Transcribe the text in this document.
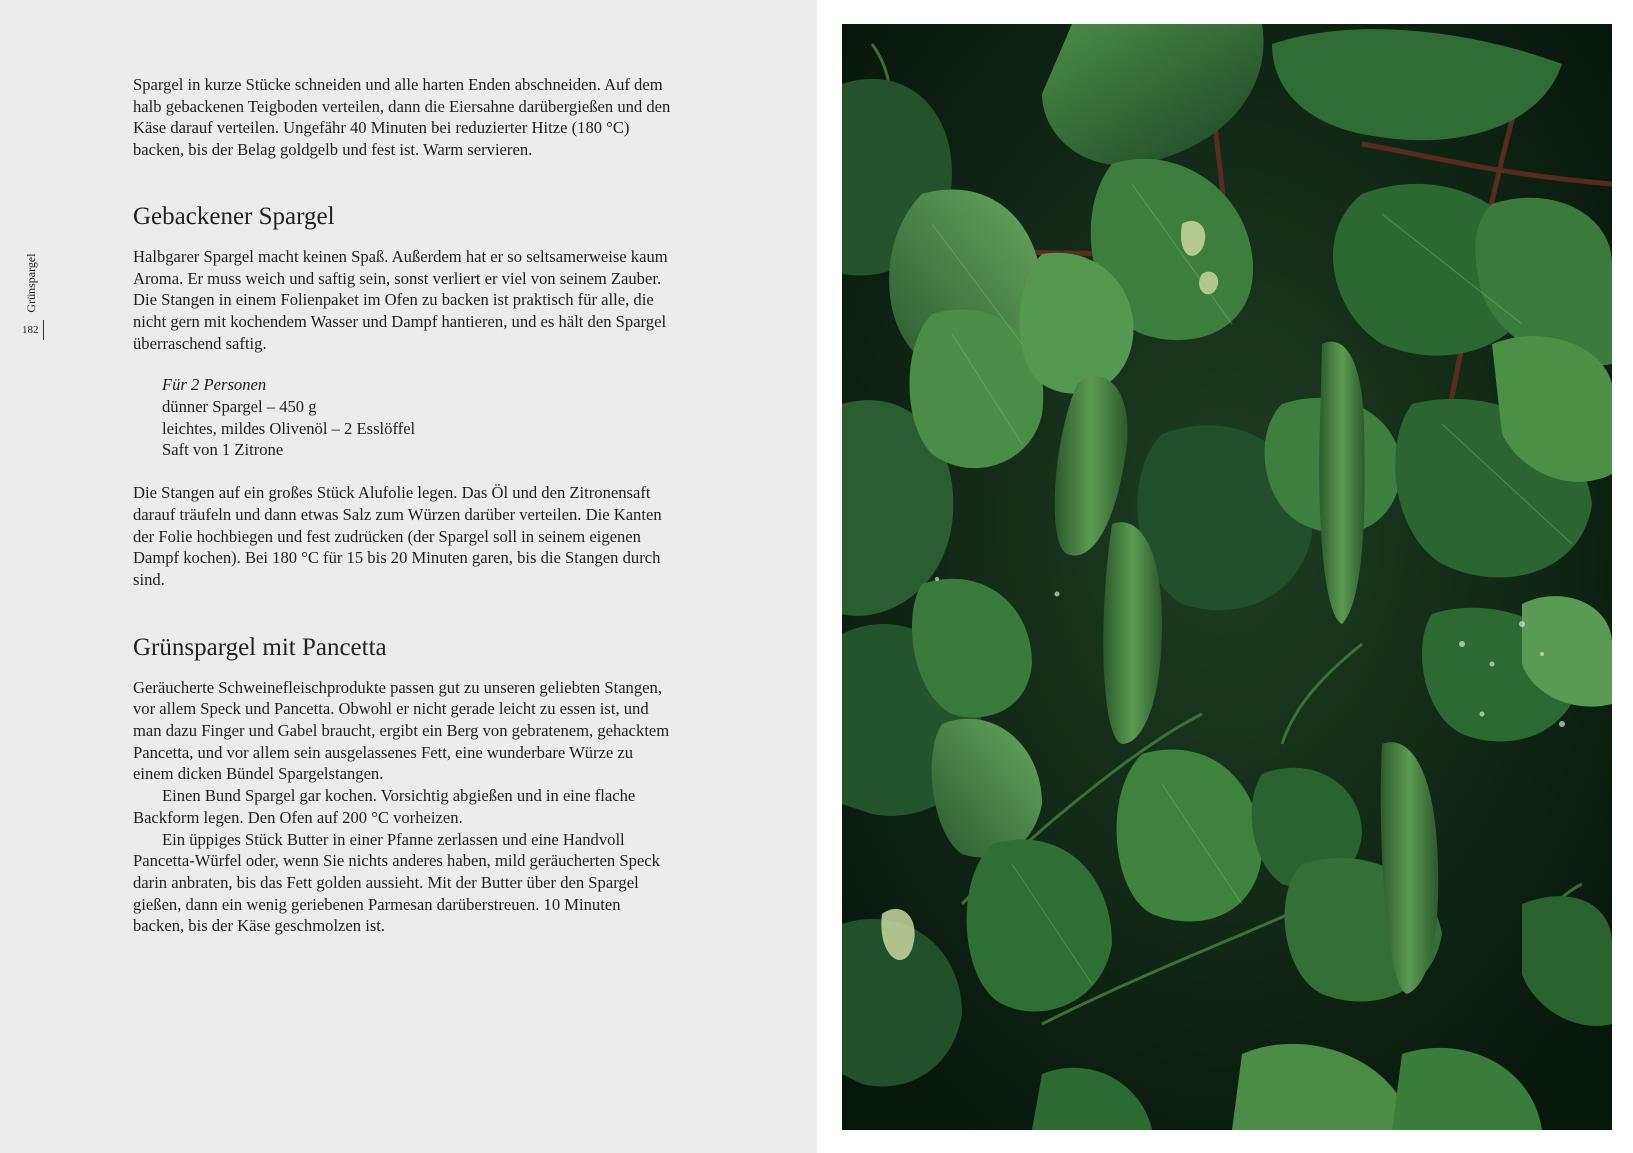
Grünspargel
182

Spargel in kurze Stücke schneiden und alle harten Enden abschneiden. Auf dem halb gebackenen Teigboden verteilen, dann die Eiersahne darübergießen und den Käse darauf verteilen. Ungefähr 40 Minuten bei reduzierter Hitze (180 °C) backen, bis der Belag goldgelb und fest ist. Warm servieren.

Gebackener Spargel

Halbgarer Spargel macht keinen Spaß. Außerdem hat er so seltsamerweise kaum Aroma. Er muss weich und saftig sein, sonst verliert er viel von seinem Zauber. Die Stangen in einem Folienpaket im Ofen zu backen ist praktisch für alle, die nicht gern mit kochendem Wasser und Dampf hantieren, und es hält den Spargel überraschend saftig.

Für 2 Personen
dünner Spargel – 450 g
leichtes, mildes Olivenöl – 2 Esslöffel
Saft von 1 Zitrone

Die Stangen auf ein großes Stück Alufolie legen. Das Öl und den Zitronensaft darauf träufeln und dann etwas Salz zum Würzen darüber verteilen. Die Kanten der Folie hochbiegen und fest zudrücken (der Spargel soll in seinem eigenen Dampf kochen). Bei 180 °C für 15 bis 20 Minuten garen, bis die Stangen durch sind.

Grünspargel mit Pancetta

Geräucherte Schweinefleischprodukte passen gut zu unseren geliebten Stangen, vor allem Speck und Pancetta. Obwohl er nicht gerade leicht zu essen ist, und man dazu Finger und Gabel braucht, ergibt ein Berg von gebratenem, gehacktem Pancetta, und vor allem sein ausgelassenes Fett, eine wunderbare Würze zu einem dicken Bündel Spargelstangen.

Einen Bund Spargel gar kochen. Vorsichtig abgießen und in eine flache Backform legen. Den Ofen auf 200 °C vorheizen.

Ein üppiges Stück Butter in einer Pfanne zerlassen und eine Handvoll Pancetta-Würfel oder, wenn Sie nichts anderes haben, mild geräucherten Speck darin anbraten, bis das Fett golden aussieht. Mit der Butter über den Spargel gießen, dann ein wenig geriebenen Parmesan darüberstreuen. 10 Minuten backen, bis der Käse geschmolzen ist.
